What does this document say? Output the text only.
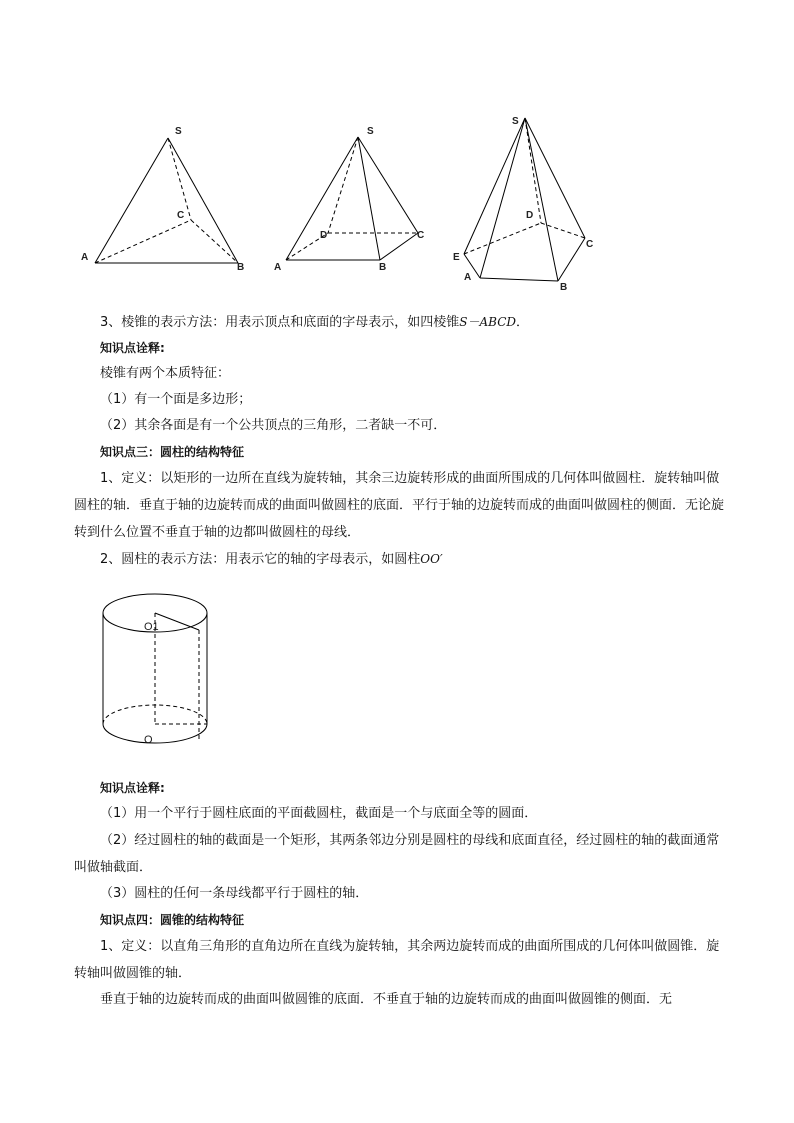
S
C
A
B
S
D	C
A	B
S
D
E
C
A
B

3、棱锥的表示方法：用表示顶点和底面的字母表示，如四棱锥S－ABCD．

知识点诠释:

棱锥有两个本质特征：

（1）有一个面是多边形；

（2）其余各面是有一个公共顶点的三角形，二者缺一不可．

知识点三：圆柱的结构特征

1、定义：以矩形的一边所在直线为旋转轴，其余三边旋转形成的曲面所围成的几何体叫做圆柱．旋转轴叫做圆柱的轴．垂直于轴的边旋转而成的曲面叫做圆柱的底面．平行于轴的边旋转而成的曲面叫做圆柱的侧面．无论旋转到什么位置不垂直于轴的边都叫做圆柱的母线．

2、圆柱的表示方法：用表示它的轴的字母表示，如圆柱OO′

O1
O

知识点诠释:

（1）用一个平行于圆柱底面的平面截圆柱，截面是一个与底面全等的圆面．

（2）经过圆柱的轴的截面是一个矩形，其两条邻边分别是圆柱的母线和底面直径，经过圆柱的轴的截面通常叫做轴截面．

（3）圆柱的任何一条母线都平行于圆柱的轴．

知识点四：圆锥的结构特征

1、定义：以直角三角形的直角边所在直线为旋转轴，其余两边旋转而成的曲面所围成的几何体叫做圆锥．旋转轴叫做圆锥的轴．

垂直于轴的边旋转而成的曲面叫做圆锥的底面．不垂直于轴的边旋转而成的曲面叫做圆锥的侧面．无
